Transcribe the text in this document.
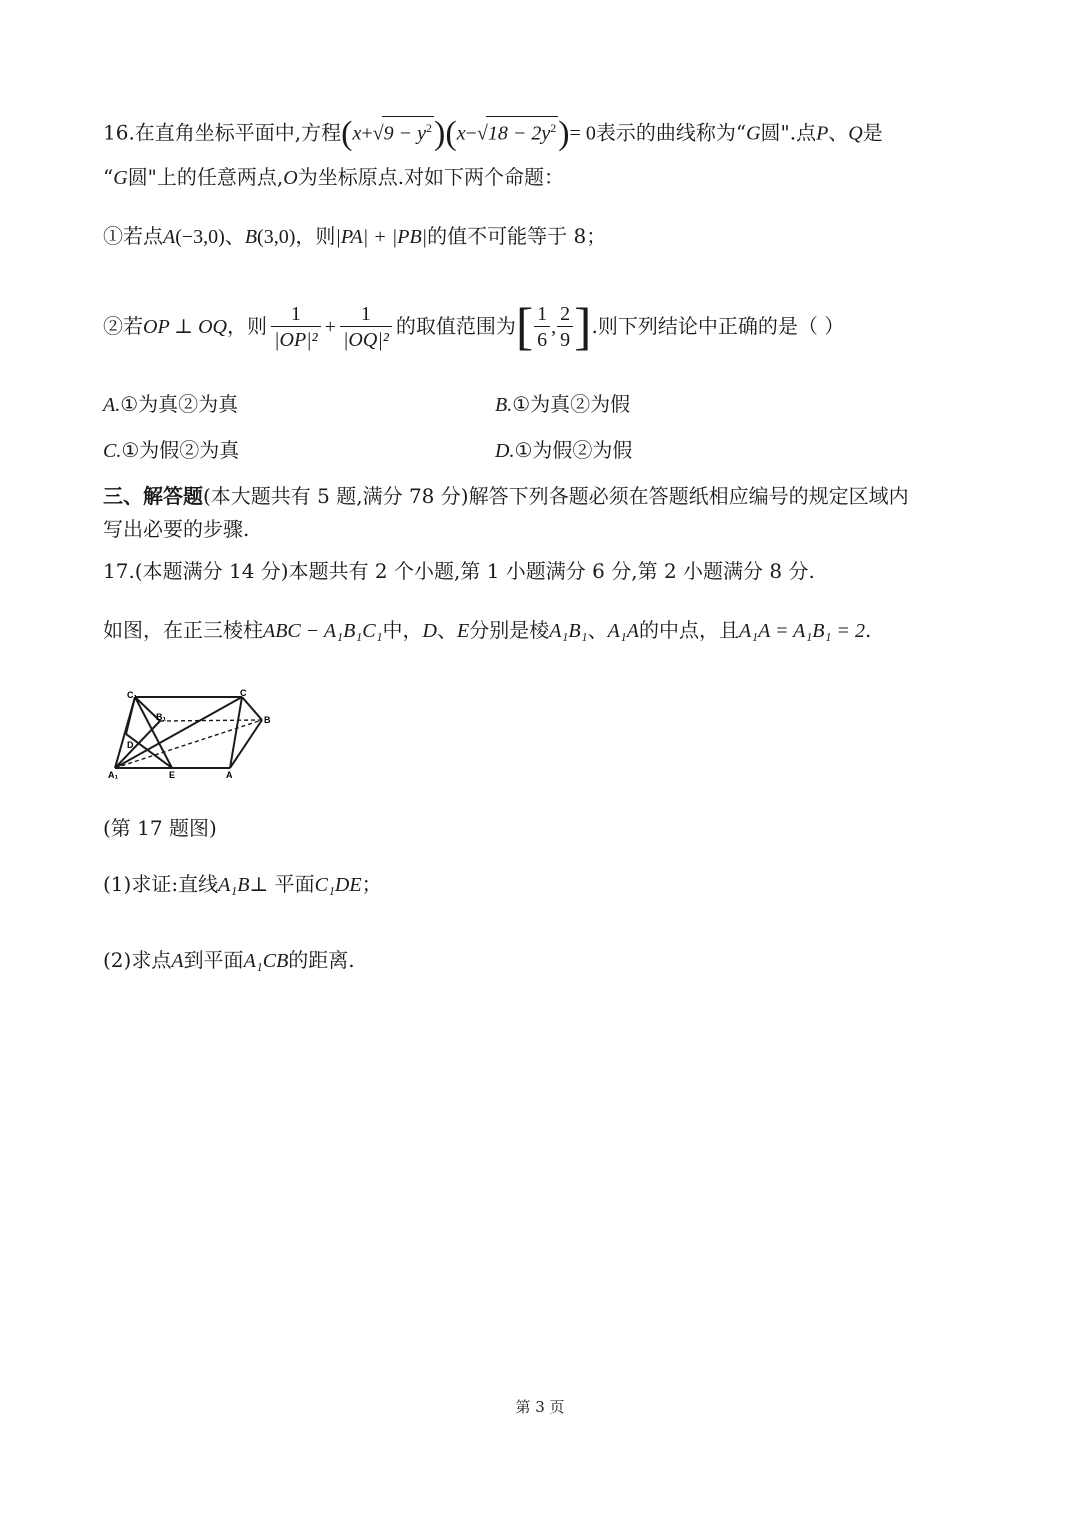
16.在直角坐标平面中,方程$(x+√9 - y^2)(x-√18 - 2y^2)= 0$表示的曲线称为“G圆".点P、Q是
“G圆"上的任意两点,O为坐标原点.对如下两个命题：
①若点A(−3,0)、B(3,0)，则|PA| + |PB|的值不可能等于 8；
②若OP ⊥ OQ，则 $\frac{1}{\text{|OP|²}} + \frac{1}{\text{|OQ|²}}$ 的取值范围为[ $\frac{1}{6}$ , $\frac{2}{9}$ ].则下列结论中正确的是（ ）
A.①为真②为真	B.①为真②为假
C.①为假②为真	D.①为假②为假
三、解答题(本大题共有 5 题,满分 78 分)解答下列各题必须在答题纸相应编号的规定区域内
写出必要的步骤.
17.(本题满分 14 分)本题共有 2 个小题,第 1 小题满分 6 分,第 2 小题满分 8 分.
如图，在正三棱柱ABC − A₁B₁C₁中，D、E分别是棱A₁B₁、A₁A的中点，且A₁A = A₁B₁ = 2.
C₁	C
B₁	B
D
A₁	E	A
(第 17 题图)
(1)求证:直线A₁B⊥ 平面C₁DE；
(2)求点A到平面A₁CB的距离.
第 3 页
